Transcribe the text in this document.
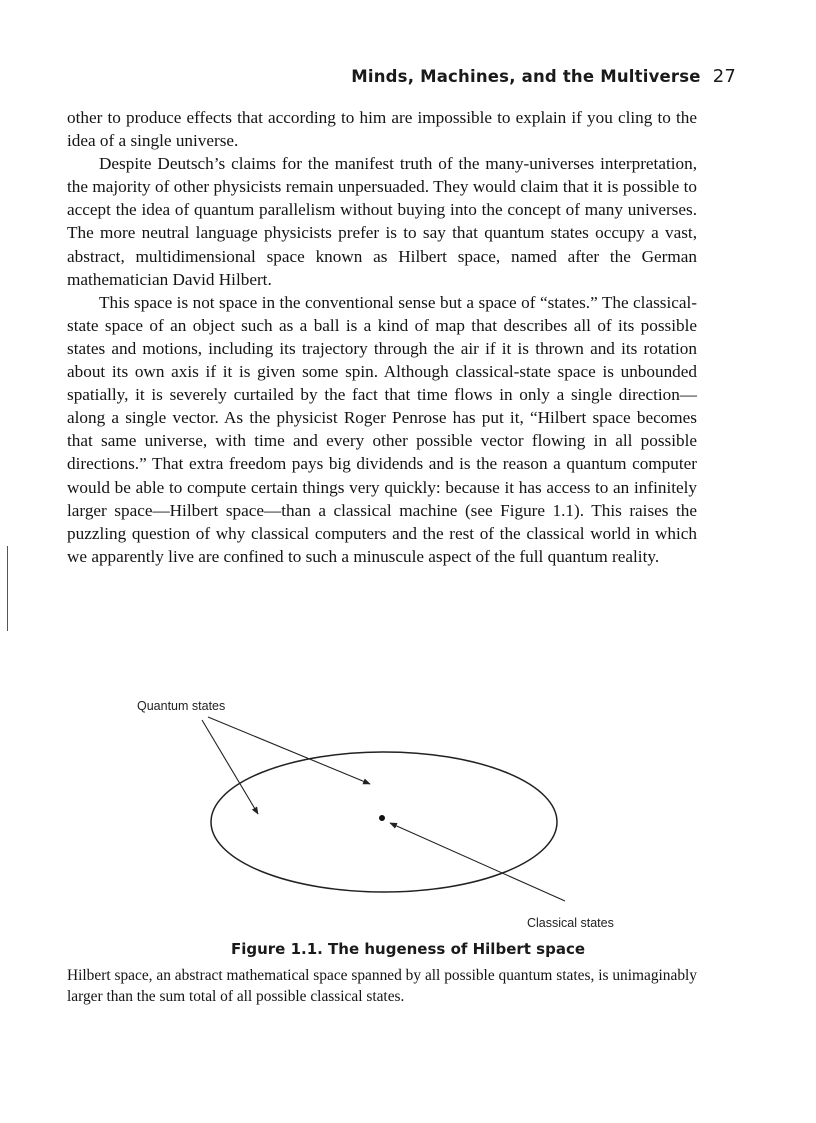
Minds, Machines, and the Multiverse 27

other to produce effects that according to him are impossible to explain if you cling to the idea of a single universe.

Despite Deutsch’s claims for the manifest truth of the many-universes interpretation, the majority of other physicists remain unpersuaded. They would claim that it is possible to accept the idea of quantum parallelism without buying into the concept of many universes. The more neutral language physicists prefer is to say that quantum states occupy a vast, abstract, multidimensional space known as Hilbert space, named after the German mathematician David Hilbert.

This space is not space in the conventional sense but a space of “states.” The classical-state space of an object such as a ball is a kind of map that describes all of its possible states and motions, including its trajectory through the air if it is thrown and its rotation about its own axis if it is given some spin. Although classical-state space is unbounded spatially, it is severely curtailed by the fact that time flows in only a single direction—along a single vector. As the physicist Roger Penrose has put it, “Hilbert space becomes that same universe, with time and every other possible vector flowing in all possible directions.” That extra freedom pays big dividends and is the reason a quantum computer would be able to compute certain things very quickly: because it has access to an infinitely larger space—Hilbert space—than a classical machine (see Figure 1.1). This raises the puzzling question of why classical computers and the rest of the classical world in which we apparently live are confined to such a minuscule aspect of the full quantum reality.

Quantum states
Classical states
Figure 1.1. The hugeness of Hilbert space
Hilbert space, an abstract mathematical space spanned by all possible quantum states, is unimaginably larger than the sum total of all possible classical states.
